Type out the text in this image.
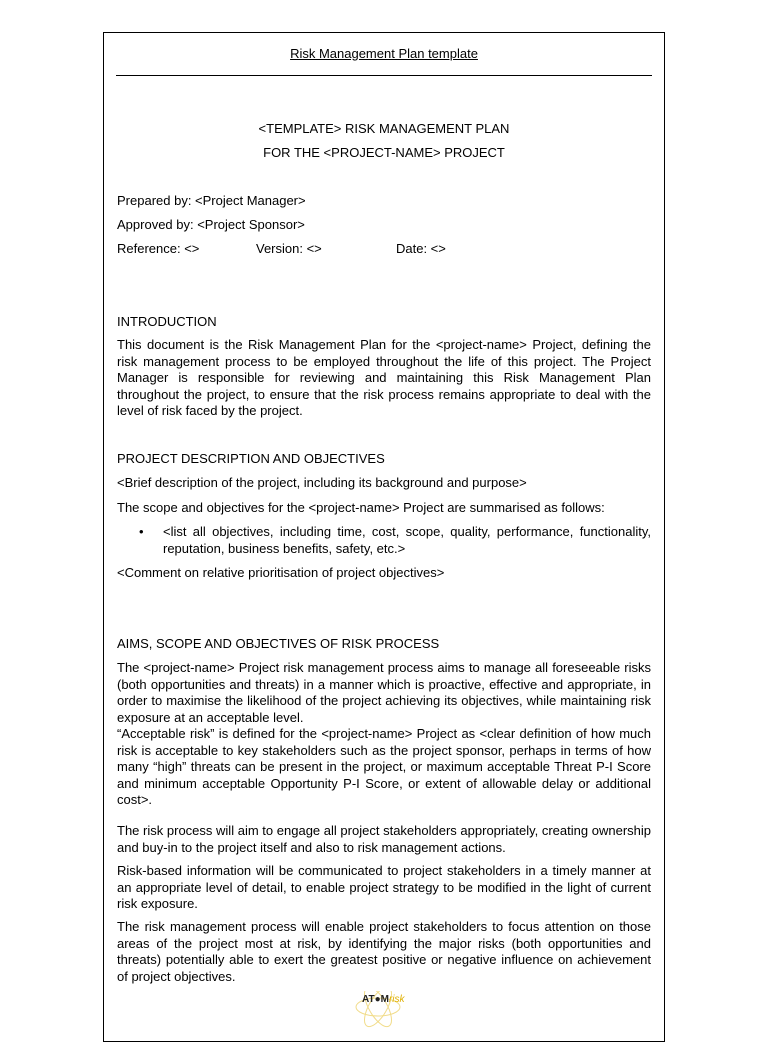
Risk Management Plan template
<TEMPLATE> RISK MANAGEMENT PLAN
FOR THE <PROJECT-NAME> PROJECT
Prepared by: <Project Manager>
Approved by: <Project Sponsor>
Reference: <>	Version: <>	Date: <>
INTRODUCTION
This document is the Risk Management Plan for the <project-name> Project, defining the risk management process to be employed throughout the life of this project. The Project Manager is responsible for reviewing and maintaining this Risk Management Plan throughout the project, to ensure that the risk process remains appropriate to deal with the level of risk faced by the project.
PROJECT DESCRIPTION AND OBJECTIVES
<Brief description of the project, including its background and purpose>
The scope and objectives for the <project-name> Project are summarised as follows:
• <list all objectives, including time, cost, scope, quality, performance, functionality, reputation, business benefits, safety, etc.>
<Comment on relative prioritisation of project objectives>
AIMS, SCOPE AND OBJECTIVES OF RISK PROCESS
The <project-name> Project risk management process aims to manage all foreseeable risks (both opportunities and threats) in a manner which is proactive, effective and appropriate, in order to maximise the likelihood of the project achieving its objectives, while maintaining risk exposure at an acceptable level.
“Acceptable risk” is defined for the <project-name> Project as <clear definition of how much risk is acceptable to key stakeholders such as the project sponsor, perhaps in terms of how many “high” threats can be present in the project, or maximum acceptable Threat P-I Score and minimum acceptable Opportunity P-I Score, or extent of allowable delay or additional cost>.
The risk process will aim to engage all project stakeholders appropriately, creating ownership and buy-in to the project itself and also to risk management actions.
Risk-based information will be communicated to project stakeholders in a timely manner at an appropriate level of detail, to enable project strategy to be modified in the light of current risk exposure.
The risk management process will enable project stakeholders to focus attention on those areas of the project most at risk, by identifying the major risks (both opportunities and threats) potentially able to exert the greatest positive or negative influence on achievement of project objectives.
AT●Mrisk
